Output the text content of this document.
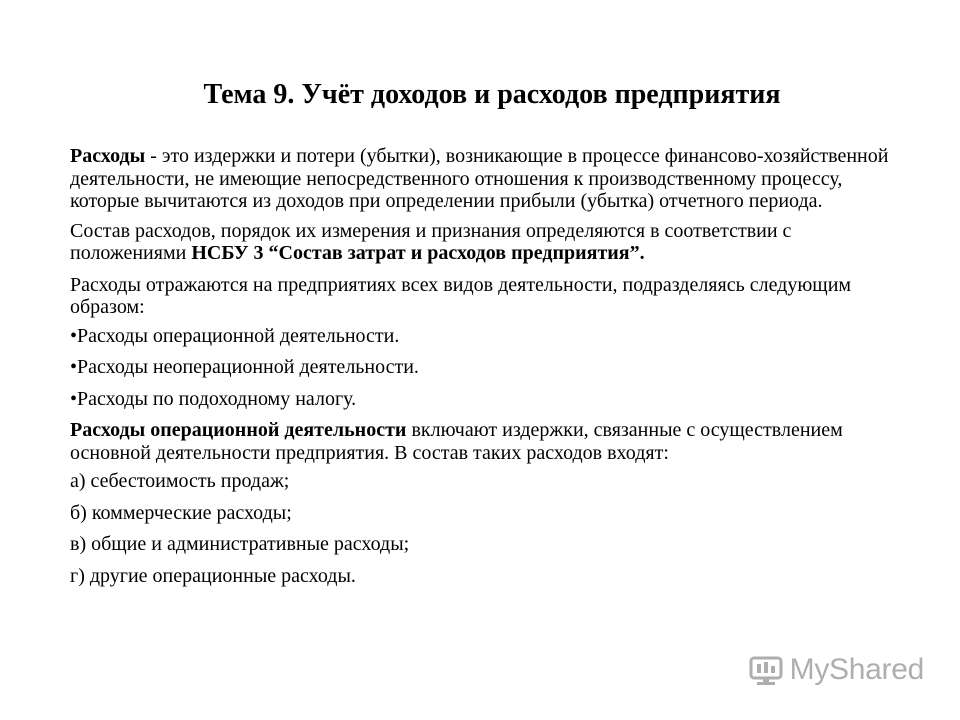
Тема 9. Учёт доходов и расходов предприятия

Расходы - это издержки и потери (убытки), возникающие в процессе финансово-хозяйственной деятельности, не имеющие непосредственного отношения к производственному процессу, которые вычитаются из доходов при определении прибыли (убытка) отчетного периода.

Состав расходов, порядок их измерения и признания определяются в соответствии с положениями НСБУ 3 “Состав затрат и расходов предприятия”.

Расходы отражаются на предприятиях всех видов деятельности, подразделяясь следующим образом:

•Расходы операционной деятельности.

•Расходы неоперационной деятельности.

•Расходы по подоходному налогу.

Расходы операционной деятельности включают издержки, связанные с осуществлением основной деятельности предприятия. В состав таких расходов входят:

а) себестоимость продаж;

б) коммерческие расходы;

в) общие и административные расходы;

г) другие операционные расходы.

MyShared
